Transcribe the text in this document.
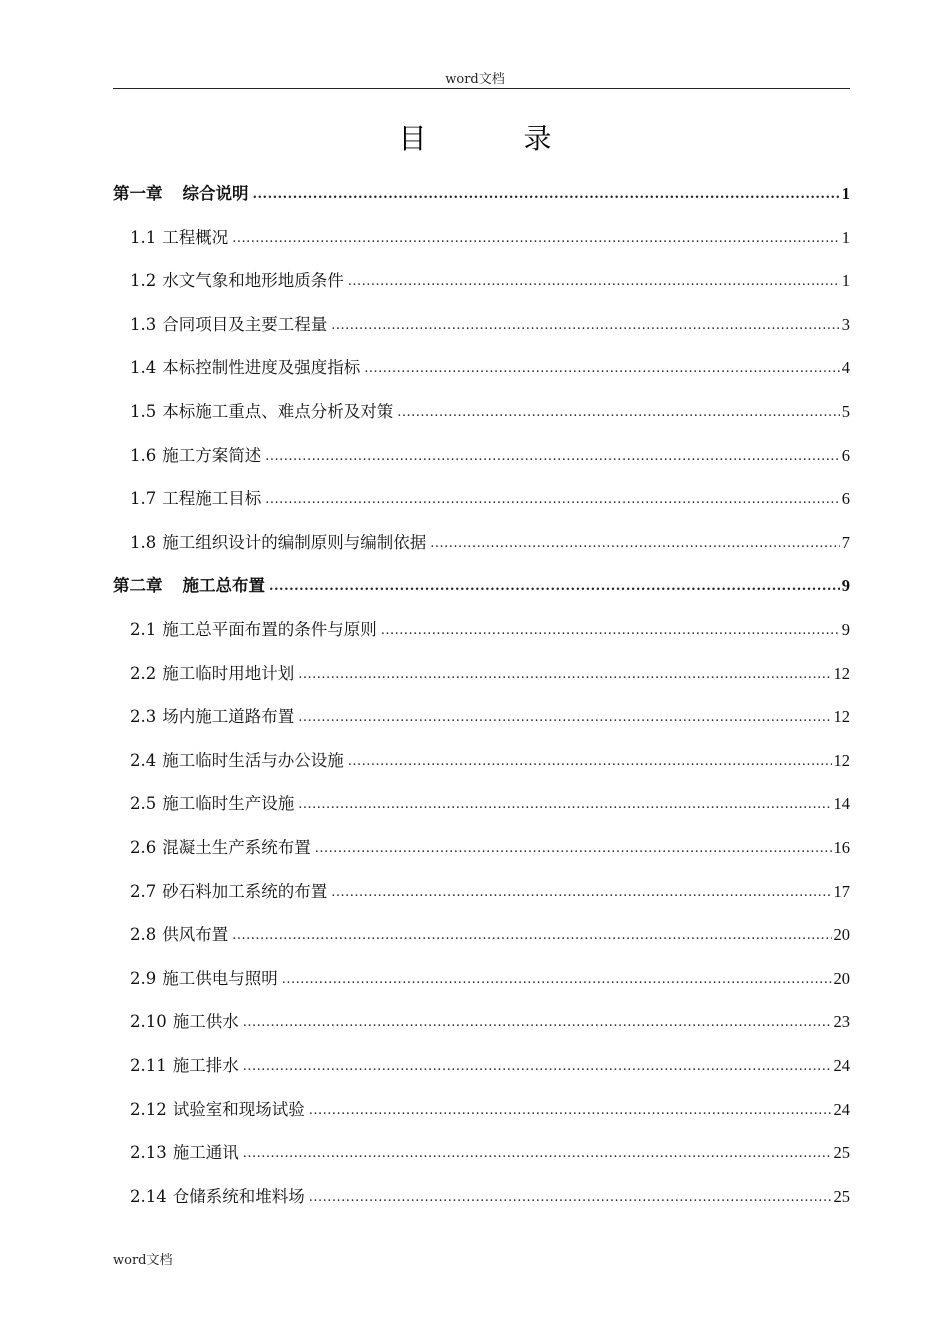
word文档
目 录
第一章 综合说明 .....	1
1.1 工程概况 .....	1
1.2 水文气象和地形地质条件 .....	1
1.3 合同项目及主要工程量 .....	3
1.4 本标控制性进度及强度指标 .....	4
1.5 本标施工重点、难点分析及对策 .....	5
1.6 施工方案简述 .....	6
1.7 工程施工目标 .....	6
1.8 施工组织设计的编制原则与编制依据 .....	7
第二章 施工总布置 .....	9
2.1 施工总平面布置的条件与原则 .....	9
2.2 施工临时用地计划 .....	12
2.3 场内施工道路布置 .....	12
2.4 施工临时生活与办公设施 .....	12
2.5 施工临时生产设施 .....	14
2.6 混凝土生产系统布置 .....	16
2.7 砂石料加工系统的布置 .....	17
2.8 供风布置 .....	20
2.9 施工供电与照明 .....	20
2.10 施工供水 .....	23
2.11 施工排水 .....	24
2.12 试验室和现场试验 .....	24
2.13 施工通讯 .....	25
2.14 仓储系统和堆料场 .....	25
word文档
